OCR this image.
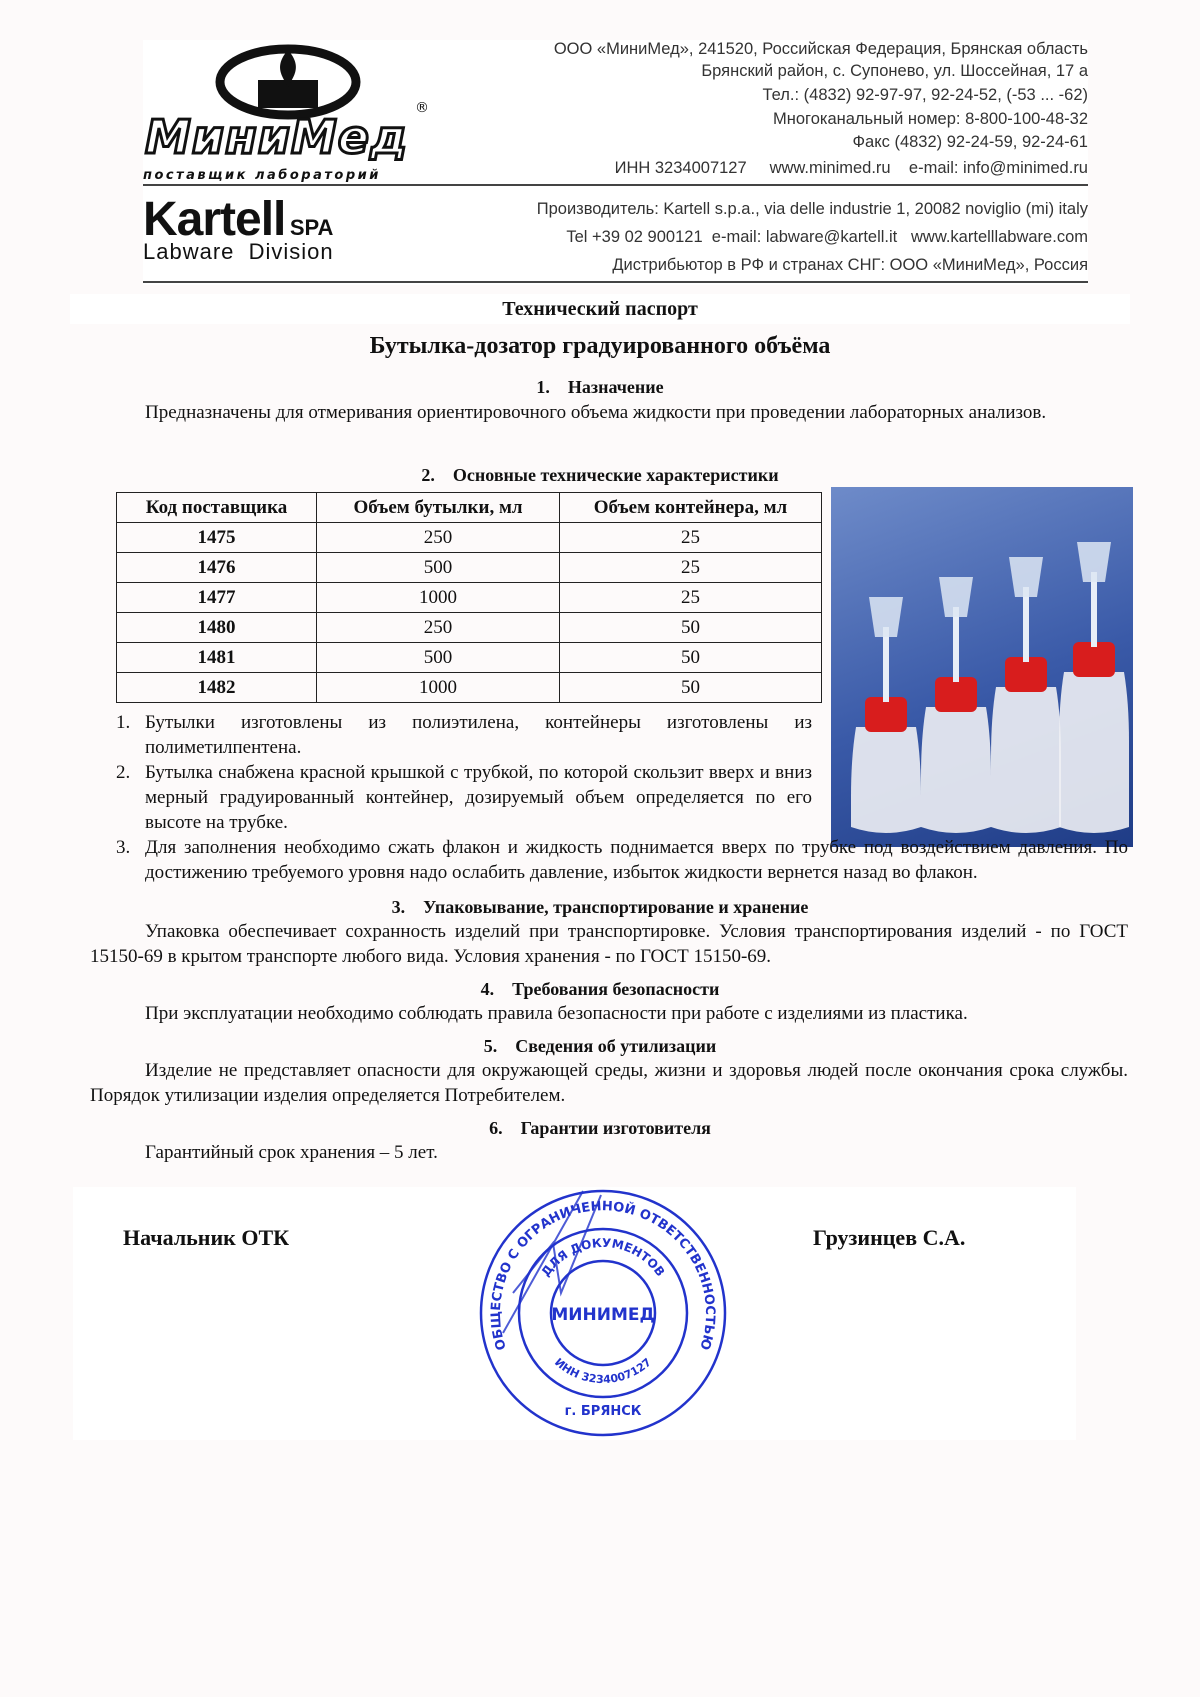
МиниМед
®
поставщик лабораторий
ООО «МиниМед», 241520, Российская Федерация, Брянская область
Брянский район, с. Супонево, ул. Шоссейная, 17 а
Тел.: (4832) 92-97-97, 92-24-52, (-53 ... -62)
Многоканальный номер: 8-800-100-48-32
Факс (4832) 92-24-59, 92-24-61
ИНН 3234007127     www.minimed.ru    e-mail: info@minimed.ru
Kartell SPA
Labware  Division
Производитель: Kartell s.p.a., via delle industrie 1, 20082 noviglio (mi) italy
Tel +39 02 900121  e-mail: labware@kartell.it   www.kartelllabware.com
Дистрибьютор в РФ и странах СНГ: ООО «МиниМед», Россия
Технический паспорт
Бутылка-дозатор градуированного объёма
1.    Назначение
Предназначены для отмеривания ориентировочного объема жидкости при проведении лабораторных анализов.
2.    Основные технические характеристики
Код поставщика	Объем бутылки, мл	Объем контейнера, мл
1475	250	25
1476	500	25
1477	1000	25
1480	250	50
1481	500	50
1482	1000	50
1. Бутылки изготовлены из полиэтилена, контейнеры изготовлены из полиметилпентена.
2. Бутылка снабжена красной крышкой с трубкой, по которой скользит вверх и вниз мерный градуированный контейнер, дозируемый объем определяется по его высоте на трубке.
3. Для заполнения необходимо сжать флакон и жидкость поднимается вверх по трубке под воздействием давления. По достижению требуемого уровня надо ослабить давление, избыток жидкости вернется назад во флакон.
3.    Упаковывание, транспортирование и хранение
Упаковка обеспечивает сохранность изделий при транспортировке. Условия транспортирования изделий - по ГОСТ 15150-69 в крытом транспорте любого вида. Условия хранения - по ГОСТ 15150-69.
4.    Требования безопасности
При эксплуатации необходимо соблюдать правила безопасности при работе с изделиями из пластика.
5.    Сведения об утилизации
Изделие не представляет опасности для окружающей среды, жизни и здоровья людей после окончания срока службы. Порядок утилизации изделия определяется Потребителем.
6.    Гарантии изготовителя
Гарантийный срок хранения – 5 лет.
Начальник ОТК	Грузинцев С.А.
ОБЩЕСТВО С ОГРАНИЧЕННОЙ ОТВЕТСТВЕННОСТЬЮ
ДЛЯ ДОКУМЕНТОВ
МИНИМЕД
ИНН 3234007127
г. БРЯНСК
